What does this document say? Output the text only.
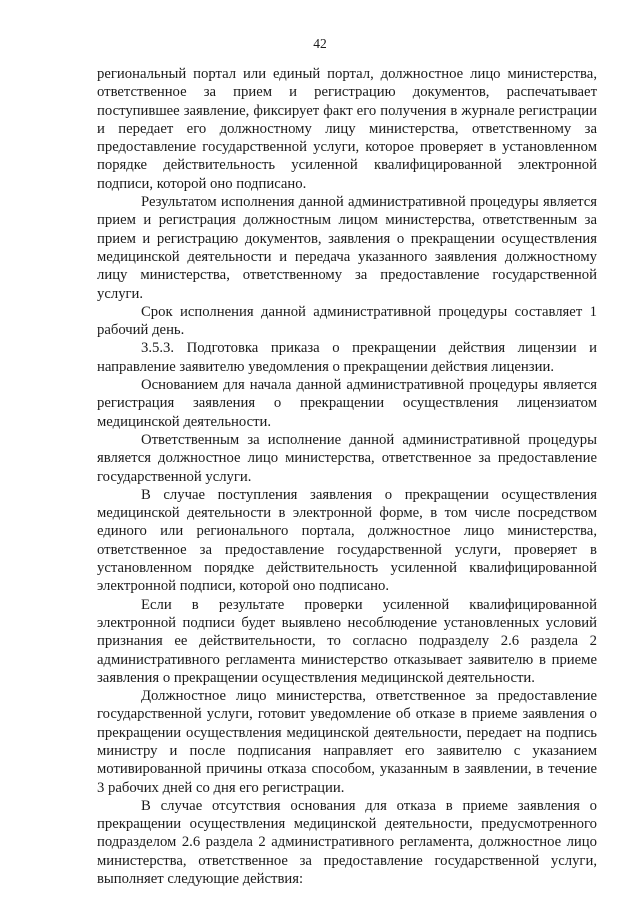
42

региональный портал или единый портал, должностное лицо министерства, ответственное за прием и регистрацию документов, распечатывает поступившее заявление, фиксирует факт его получения в журнале регистрации и передает его должностному лицу министерства, ответственному за предоставление государственной услуги, которое проверяет в установленном порядке действительность усиленной квалифицированной электронной подписи, которой оно подписано.

Результатом исполнения данной административной процедуры является прием и регистрация должностным лицом министерства, ответственным за прием и регистрацию документов, заявления о прекращении осуществления медицинской деятельности и передача указанного заявления должностному лицу министерства, ответственному за предоставление государственной услуги.

Срок исполнения данной административной процедуры составляет 1 рабочий день.

3.5.3. Подготовка приказа о прекращении действия лицензии и направление заявителю уведомления о прекращении действия лицензии.

Основанием для начала данной административной процедуры является регистрация заявления о прекращении осуществления лицензиатом медицинской деятельности.

Ответственным за исполнение данной административной процедуры является должностное лицо министерства, ответственное за предоставление государственной услуги.

В случае поступления заявления о прекращении осуществления медицинской деятельности в электронной форме, в том числе посредством единого или регионального портала, должностное лицо министерства, ответственное за предоставление государственной услуги, проверяет в установленном порядке действительность усиленной квалифицированной электронной подписи, которой оно подписано.

Если в результате проверки усиленной квалифицированной электронной подписи будет выявлено несоблюдение установленных условий признания ее действительности, то согласно подразделу 2.6 раздела 2 административного регламента министерство отказывает заявителю в приеме заявления о прекращении осуществления медицинской деятельности.

Должностное лицо министерства, ответственное за предоставление государственной услуги, готовит уведомление об отказе в приеме заявления о прекращении осуществления медицинской деятельности, передает на подпись министру и после подписания направляет его заявителю с указанием мотивированной причины отказа способом, указанным в заявлении, в течение 3 рабочих дней со дня его регистрации.

В случае отсутствия основания для отказа в приеме заявления о прекращении осуществления медицинской деятельности, предусмотренного подразделом 2.6 раздела 2 административного регламента, должностное лицо министерства, ответственное за предоставление государственной услуги, выполняет следующие действия:
